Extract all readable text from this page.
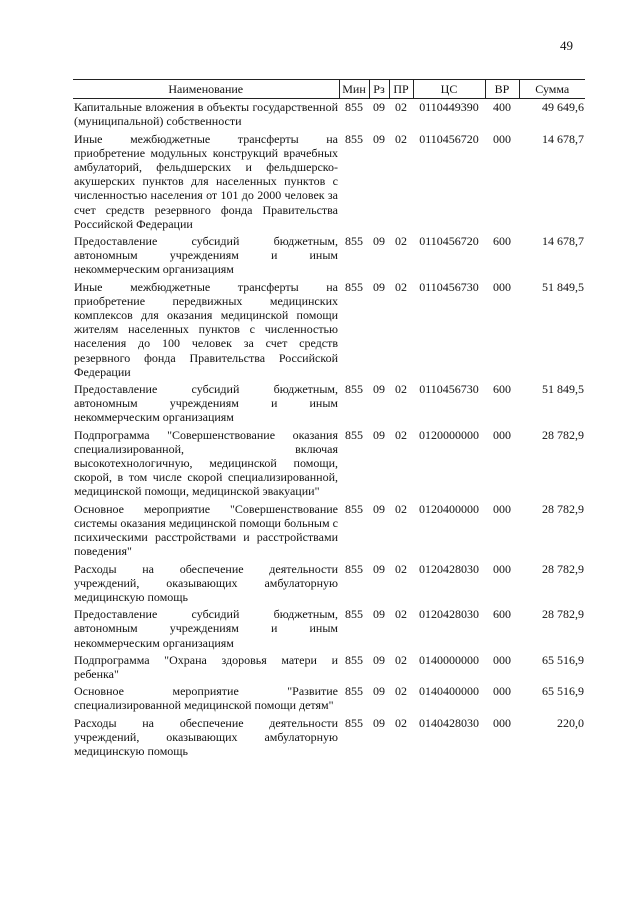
49
Наименование	Мин	Рз	ПР	ЦС	ВР	Сумма
Капитальные вложения в объекты государственной (муниципальной) собственности	855	09	02	0110449390	400	49 649,6
Иные межбюджетные трансферты на приобретение модульных конструкций врачебных амбулаторий, фельдшерских и фельдшерско-акушерских пунктов для населенных пунктов с численностью населения от 101 до 2000 человек за счет средств резервного фонда Правительства Российской Федерации	855	09	02	0110456720	000	14 678,7
Предоставление субсидий бюджетным, автономным учреждениям и иным некоммерческим организациям	855	09	02	0110456720	600	14 678,7
Иные межбюджетные трансферты на приобретение передвижных медицинских комплексов для оказания медицинской помощи жителям населенных пунктов с численностью населения до 100 человек за счет средств резервного фонда Правительства Российской Федерации	855	09	02	0110456730	000	51 849,5
Предоставление субсидий бюджетным, автономным учреждениям и иным некоммерческим организациям	855	09	02	0110456730	600	51 849,5
Подпрограмма "Совершенствование оказания специализированной, включая высокотехнологичную, медицинской помощи, скорой, в том числе скорой специализированной, медицинской помощи, медицинской эвакуации"	855	09	02	0120000000	000	28 782,9
Основное мероприятие "Совершенствование системы оказания медицинской помощи больным с психическими расстройствами и расстройствами поведения"	855	09	02	0120400000	000	28 782,9
Расходы на обеспечение деятельности учреждений, оказывающих амбулаторную медицинскую помощь	855	09	02	0120428030	000	28 782,9
Предоставление субсидий бюджетным, автономным учреждениям и иным некоммерческим организациям	855	09	02	0120428030	600	28 782,9
Подпрограмма "Охрана здоровья матери и ребенка"	855	09	02	0140000000	000	65 516,9
Основное мероприятие "Развитие специализированной медицинской помощи детям"	855	09	02	0140400000	000	65 516,9
Расходы на обеспечение деятельности учреждений, оказывающих амбулаторную медицинскую помощь	855	09	02	0140428030	000	220,0
